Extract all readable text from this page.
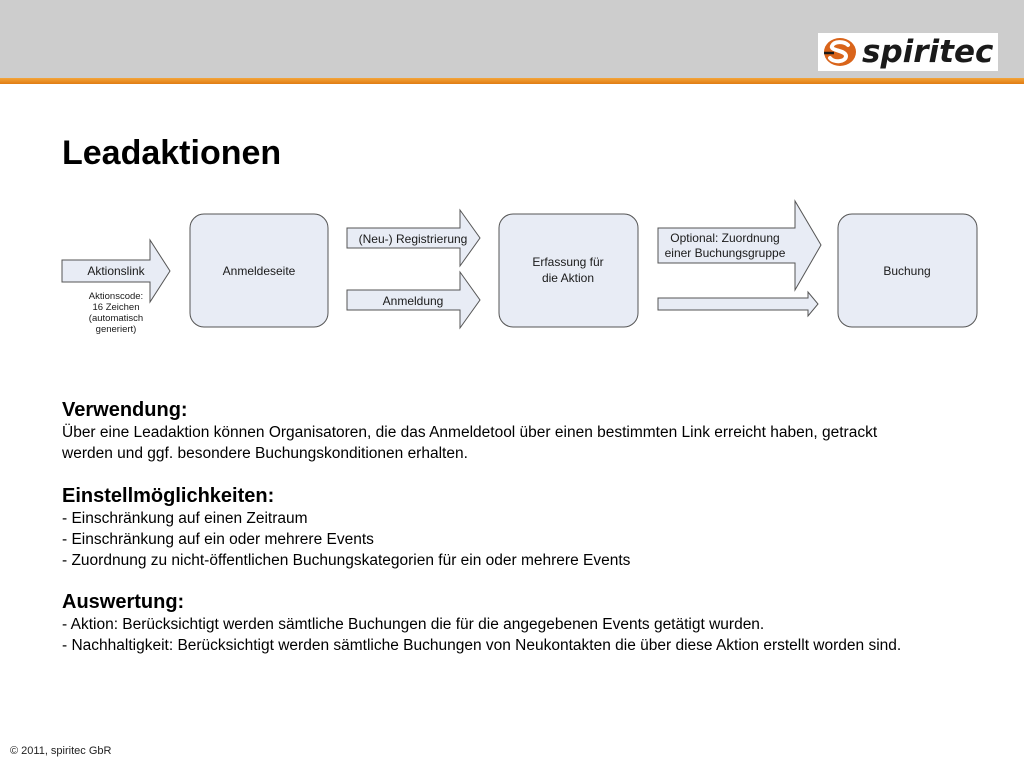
spiritec
Leadaktionen
Aktionslink
Aktionscode:
16 Zeichen
(automatisch
generiert)
Anmeldeseite
(Neu-) Registrierung
Anmeldung
Erfassung für
die Aktion
Optional: Zuordnung
einer Buchungsgruppe
Buchung
Verwendung:

Über eine Leadaktion können Organisatoren, die das Anmeldetool über einen bestimmten Link erreicht haben, getrackt

werden und ggf. besondere Buchungskonditionen erhalten.

Einstellmöglichkeiten:

- Einschränkung auf einen Zeitraum

- Einschränkung auf ein oder mehrere Events

- Zuordnung zu nicht-öffentlichen Buchungskategorien für ein oder mehrere Events

Auswertung:

- Aktion: Berücksichtigt werden sämtliche Buchungen die für die angegebenen Events getätigt wurden.

- Nachhaltigkeit: Berücksichtigt werden sämtliche Buchungen von Neukontakten die über diese Aktion erstellt worden sind.

© 2011, spiritec GbR
